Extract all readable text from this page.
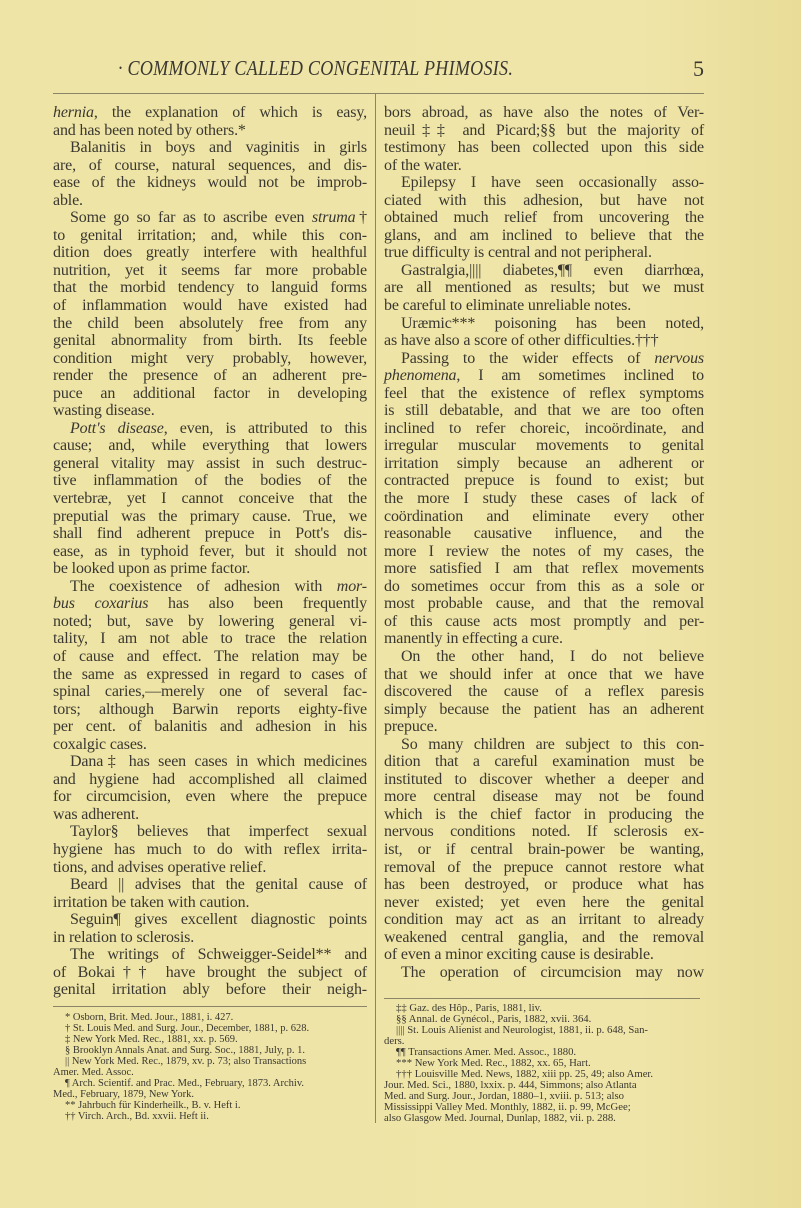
· COMMONLY CALLED CONGENITAL PHIMOSIS.	5
hernia, the explanation of which is easy,
and has been noted by others.*
Balanitis in boys and vaginitis in girls
are, of course, natural sequences, and dis-
ease of the kidneys would not be improb-
able.
Some go so far as to ascribe even struma†
to genital irritation; and, while this con-
dition does greatly interfere with healthful
nutrition, yet it seems far more probable
that the morbid tendency to languid forms
of inflammation would have existed had
the child been absolutely free from any
genital abnormality from birth. Its feeble
condition might very probably, however,
render the presence of an adherent pre-
puce an additional factor in developing
wasting disease.
Pott's disease, even, is attributed to this
cause; and, while everything that lowers
general vitality may assist in such destruc-
tive inflammation of the bodies of the
vertebræ, yet I cannot conceive that the
preputial was the primary cause. True, we
shall find adherent prepuce in Pott's dis-
ease, as in typhoid fever, but it should not
be looked upon as prime factor.
The coexistence of adhesion with mor-
bus coxarius has also been frequently
noted; but, save by lowering general vi-
tality, I am not able to trace the relation
of cause and effect. The relation may be
the same as expressed in regard to cases of
spinal caries,—merely one of several fac-
tors; although Barwin reports eighty-five
per cent. of balanitis and adhesion in his
coxalgic cases.
Dana‡ has seen cases in which medicines
and hygiene had accomplished all claimed
for circumcision, even where the prepuce
was adherent.
Taylor§ believes that imperfect sexual
hygiene has much to do with reflex irrita-
tions, and advises operative relief.
Beard || advises that the genital cause of
irritation be taken with caution.
Seguin¶ gives excellent diagnostic points
in relation to sclerosis.
The writings of Schweigger-Seidel** and
of Bokai†† have brought the subject of
genital irritation ably before their neigh-
bors abroad, as have also the notes of Ver-
neuil‡‡ and Picard;§§ but the majority of
testimony has been collected upon this side
of the water.
Epilepsy I have seen occasionally asso-
ciated with this adhesion, but have not
obtained much relief from uncovering the
glans, and am inclined to believe that the
true difficulty is central and not peripheral.
Gastralgia,|||| diabetes,¶¶ even diarrhœa,
are all mentioned as results; but we must
be careful to eliminate unreliable notes.
Uræmic*** poisoning has been noted,
as have also a score of other difficulties.†††
Passing to the wider effects of nervous
phenomena, I am sometimes inclined to
feel that the existence of reflex symptoms
is still debatable, and that we are too often
inclined to refer choreic, incoördinate, and
irregular muscular movements to genital
irritation simply because an adherent or
contracted prepuce is found to exist; but
the more I study these cases of lack of
coördination and eliminate every other
reasonable causative influence, and the
more I review the notes of my cases, the
more satisfied I am that reflex movements
do sometimes occur from this as a sole or
most probable cause, and that the removal
of this cause acts most promptly and per-
manently in effecting a cure.
On the other hand, I do not believe
that we should infer at once that we have
discovered the cause of a reflex paresis
simply because the patient has an adherent
prepuce.
So many children are subject to this con-
dition that a careful examination must be
instituted to discover whether a deeper and
more central disease may not be found
which is the chief factor in producing the
nervous conditions noted. If sclerosis ex-
ist, or if central brain-power be wanting,
removal of the prepuce cannot restore what
has been destroyed, or produce what has
never existed; yet even here the genital
condition may act as an irritant to already
weakened central ganglia, and the removal
of even a minor exciting cause is desirable.
The operation of circumcision may now
* Osborn, Brit. Med. Jour., 1881, i. 427.
† St. Louis Med. and Surg. Jour., December, 1881, p. 628.
‡ New York Med. Rec., 1881, xx. p. 569.
§ Brooklyn Annals Anat. and Surg. Soc., 1881, July, p. 1.
|| New York Med. Rec., 1879, xv. p. 73; also Transactions
Amer. Med. Assoc.
¶ Arch. Scientif. and Prac. Med., February, 1873. Archiv.
Med., February, 1879, New York.
** Jahrbuch für Kinderheilk., B. v. Heft i.
†† Virch. Arch., Bd. xxvii. Heft ii.
‡‡ Gaz. des Hôp., Paris, 1881, liv.
§§ Annal. de Gynécol., Paris, 1882, xvii. 364.
|||| St. Louis Alienist and Neurologist, 1881, ii. p. 648, San-
ders.
¶¶ Transactions Amer. Med. Assoc., 1880.
*** New York Med. Rec., 1882, xx. 65, Hart.
††† Louisville Med. News, 1882, xiii pp. 25, 49; also Amer.
Jour. Med. Sci., 1880, lxxix. p. 444, Simmons; also Atlanta
Med. and Surg. Jour., Jordan, 1880–1, xviii. p. 513; also
Mississippi Valley Med. Monthly, 1882, ii. p. 99, McGee;
also Glasgow Med. Journal, Dunlap, 1882, vii. p. 288.
